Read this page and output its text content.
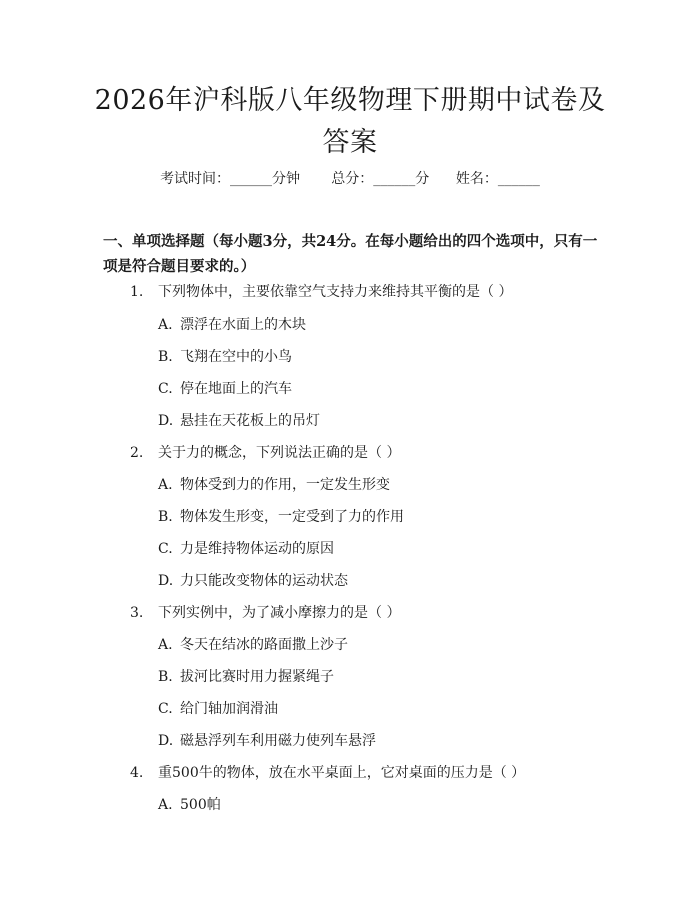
2026年沪科版八年级物理下册期中试卷及答案
考试时间：______分钟 总分：______分 姓名：______
一、单项选择题（每小题3分，共24分。在每小题给出的四个选项中，只有一项是符合题目要求的。）
1. 下列物体中，主要依靠空气支持力来维持其平衡的是（ ）
A. 漂浮在水面上的木块
B. 飞翔在空中的小鸟
C. 停在地面上的汽车
D. 悬挂在天花板上的吊灯
2. 关于力的概念，下列说法正确的是（ ）
A. 物体受到力的作用，一定发生形变
B. 物体发生形变，一定受到了力的作用
C. 力是维持物体运动的原因
D. 力只能改变物体的运动状态
3. 下列实例中，为了减小摩擦力的是（ ）
A. 冬天在结冰的路面撒上沙子
B. 拔河比赛时用力握紧绳子
C. 给门轴加润滑油
D. 磁悬浮列车利用磁力使列车悬浮
4. 重500牛的物体，放在水平桌面上，它对桌面的压力是（ ）
A. 500帕
